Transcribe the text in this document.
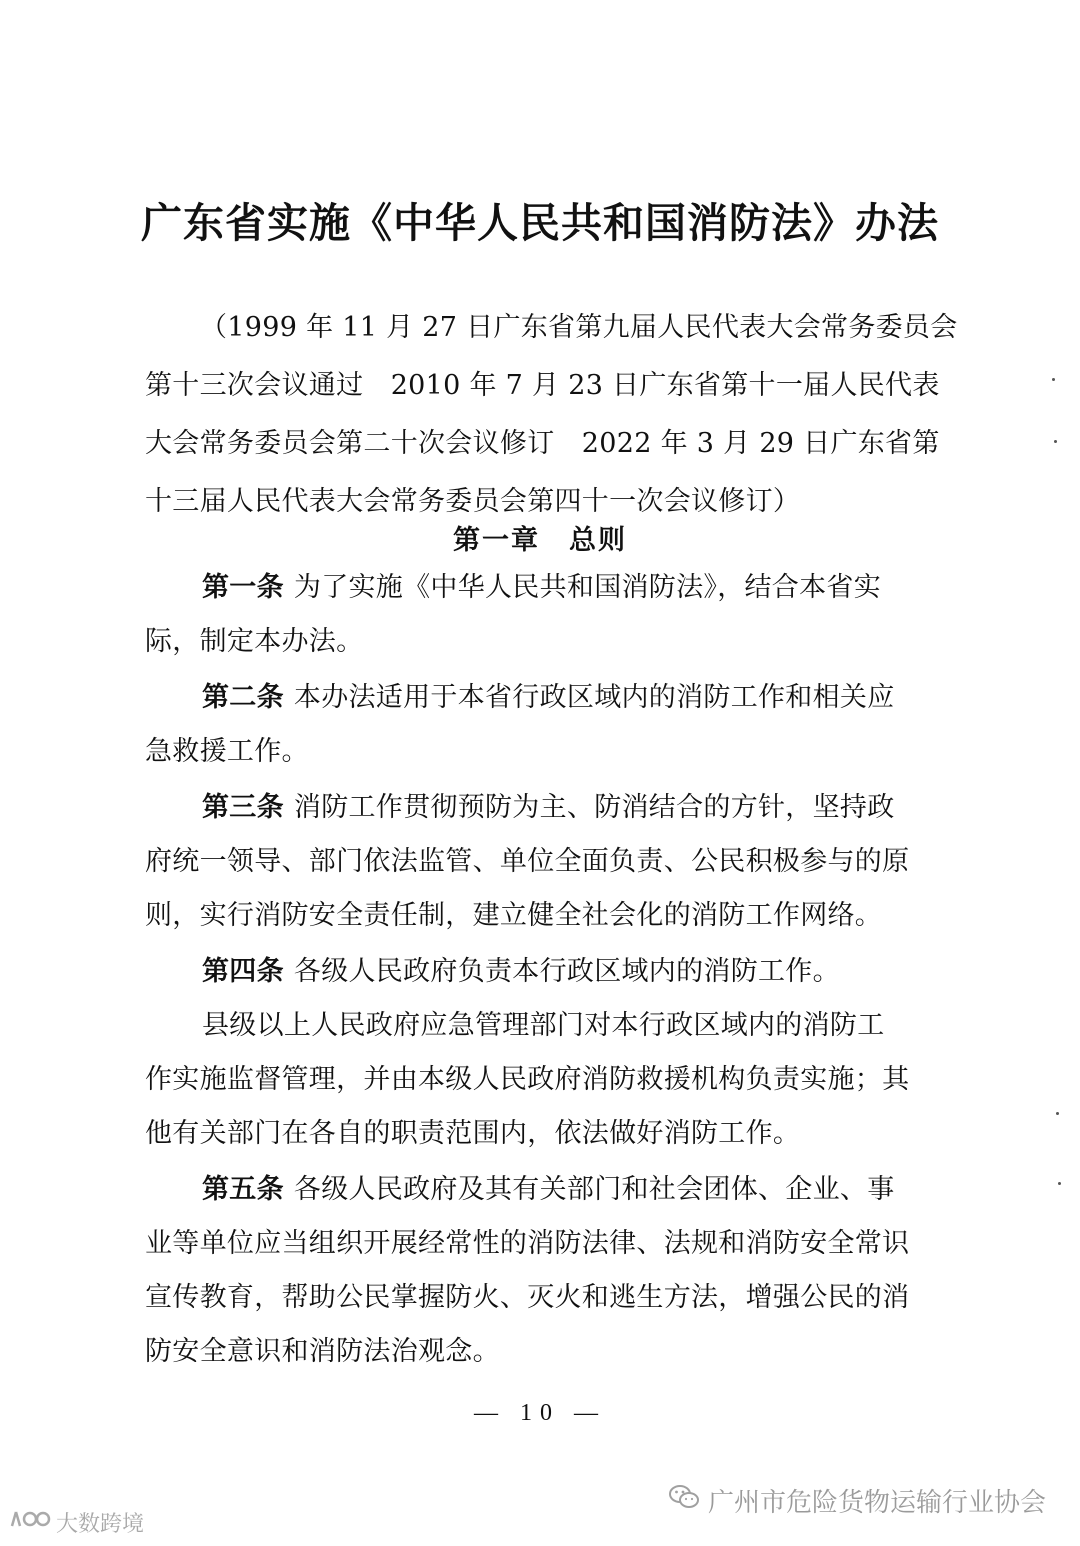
广东省实施《中华人民共和国消防法》办法
（1999 年 11 月 27 日广东省第九届人民代表大会常务委员会
第十三次会议通过　2010 年 7 月 23 日广东省第十一届人民代表
大会常务委员会第二十次会议修订　2022 年 3 月 29 日广东省第
十三届人民代表大会常务委员会第四十一次会议修订）
第一章　总则
第一条 为了实施《中华人民共和国消防法》，结合本省实
际，制定本办法。
第二条 本办法适用于本省行政区域内的消防工作和相关应
急救援工作。
第三条 消防工作贯彻预防为主、防消结合的方针，坚持政
府统一领导、部门依法监管、单位全面负责、公民积极参与的原
则，实行消防安全责任制，建立健全社会化的消防工作网络。
第四条 各级人民政府负责本行政区域内的消防工作。
县级以上人民政府应急管理部门对本行政区域内的消防工
作实施监督管理，并由本级人民政府消防救援机构负责实施；其
他有关部门在各自的职责范围内，依法做好消防工作。
第五条 各级人民政府及其有关部门和社会团体、企业、事
业等单位应当组织开展经常性的消防法律、法规和消防安全常识
宣传教育，帮助公民掌握防火、灭火和逃生方法，增强公民的消
防安全意识和消防法治观念。
— 10 —
广州市危险货物运输行业协会
大数跨境
